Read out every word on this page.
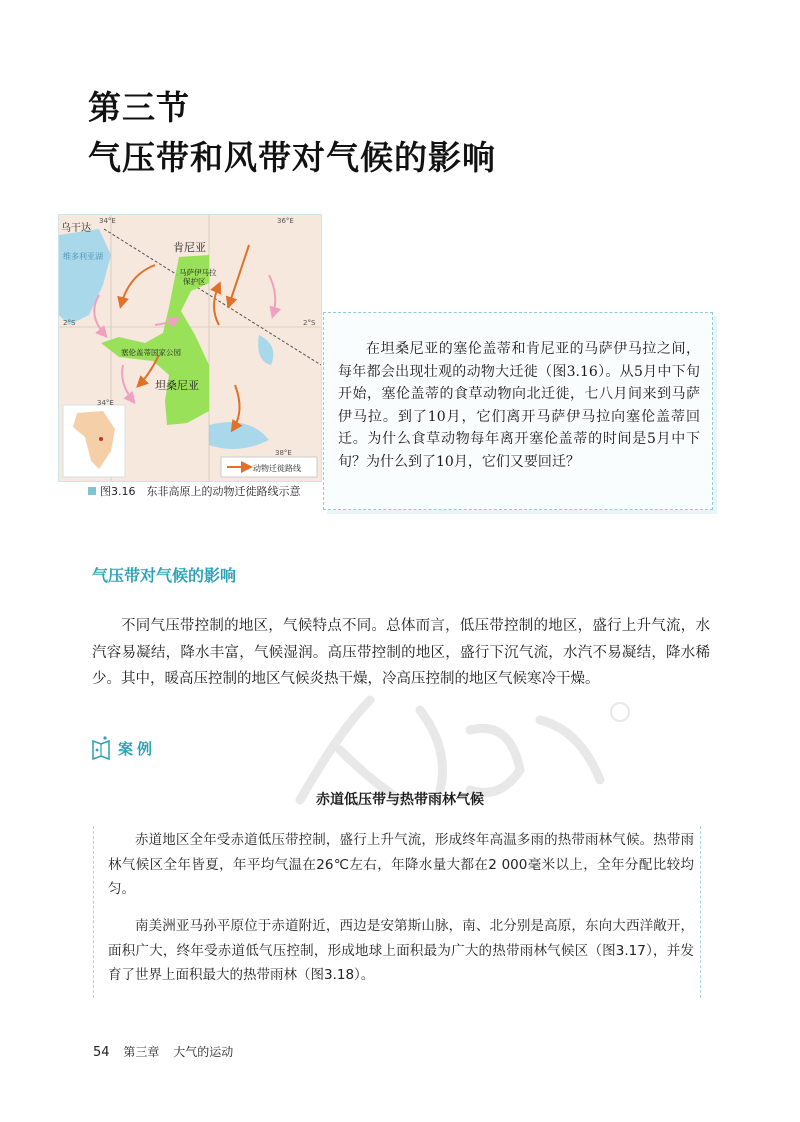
第三节
气压带和风带对气候的影响
动物迁徙路线
乌干达
维多利亚湖
肯尼亚
马萨伊马拉
保护区
塞伦盖蒂国家公园
坦桑尼亚
34°E	36°E
34°E
38°E
2°S	2°S
图3.16　东非高原上的动物迁徙路线示意

在坦桑尼亚的塞伦盖蒂和肯尼亚的马萨伊马拉之间，每年都会出现壮观的动物大迁徙（图3.16）。从5月中下旬开始，塞伦盖蒂的食草动物向北迁徙，七八月间来到马萨伊马拉。到了10月，它们离开马萨伊马拉向塞伦盖蒂回迁。为什么食草动物每年离开塞伦盖蒂的时间是5月中下旬？为什么到了10月，它们又要回迁？

气压带对气候的影响

不同气压带控制的地区，气候特点不同。总体而言，低压带控制的地区，盛行上升气流，水汽容易凝结，降水丰富，气候湿润。高压带控制的地区，盛行下沉气流，水汽不易凝结，降水稀少。其中，暖高压控制的地区气候炎热干燥，冷高压控制的地区气候寒冷干燥。

案例
赤道低压带与热带雨林气候

赤道地区全年受赤道低压带控制，盛行上升气流，形成终年高温多雨的热带雨林气候。热带雨林气候区全年皆夏，年平均气温在26℃左右，年降水量大都在2 000毫米以上，全年分配比较均匀。

南美洲亚马孙平原位于赤道附近，西边是安第斯山脉，南、北分别是高原，东向大西洋敞开，面积广大，终年受赤道低气压控制，形成地球上面积最为广大的热带雨林气候区（图3.17），并发育了世界上面积最大的热带雨林（图3.18）。

54 第三章 大气的运动
